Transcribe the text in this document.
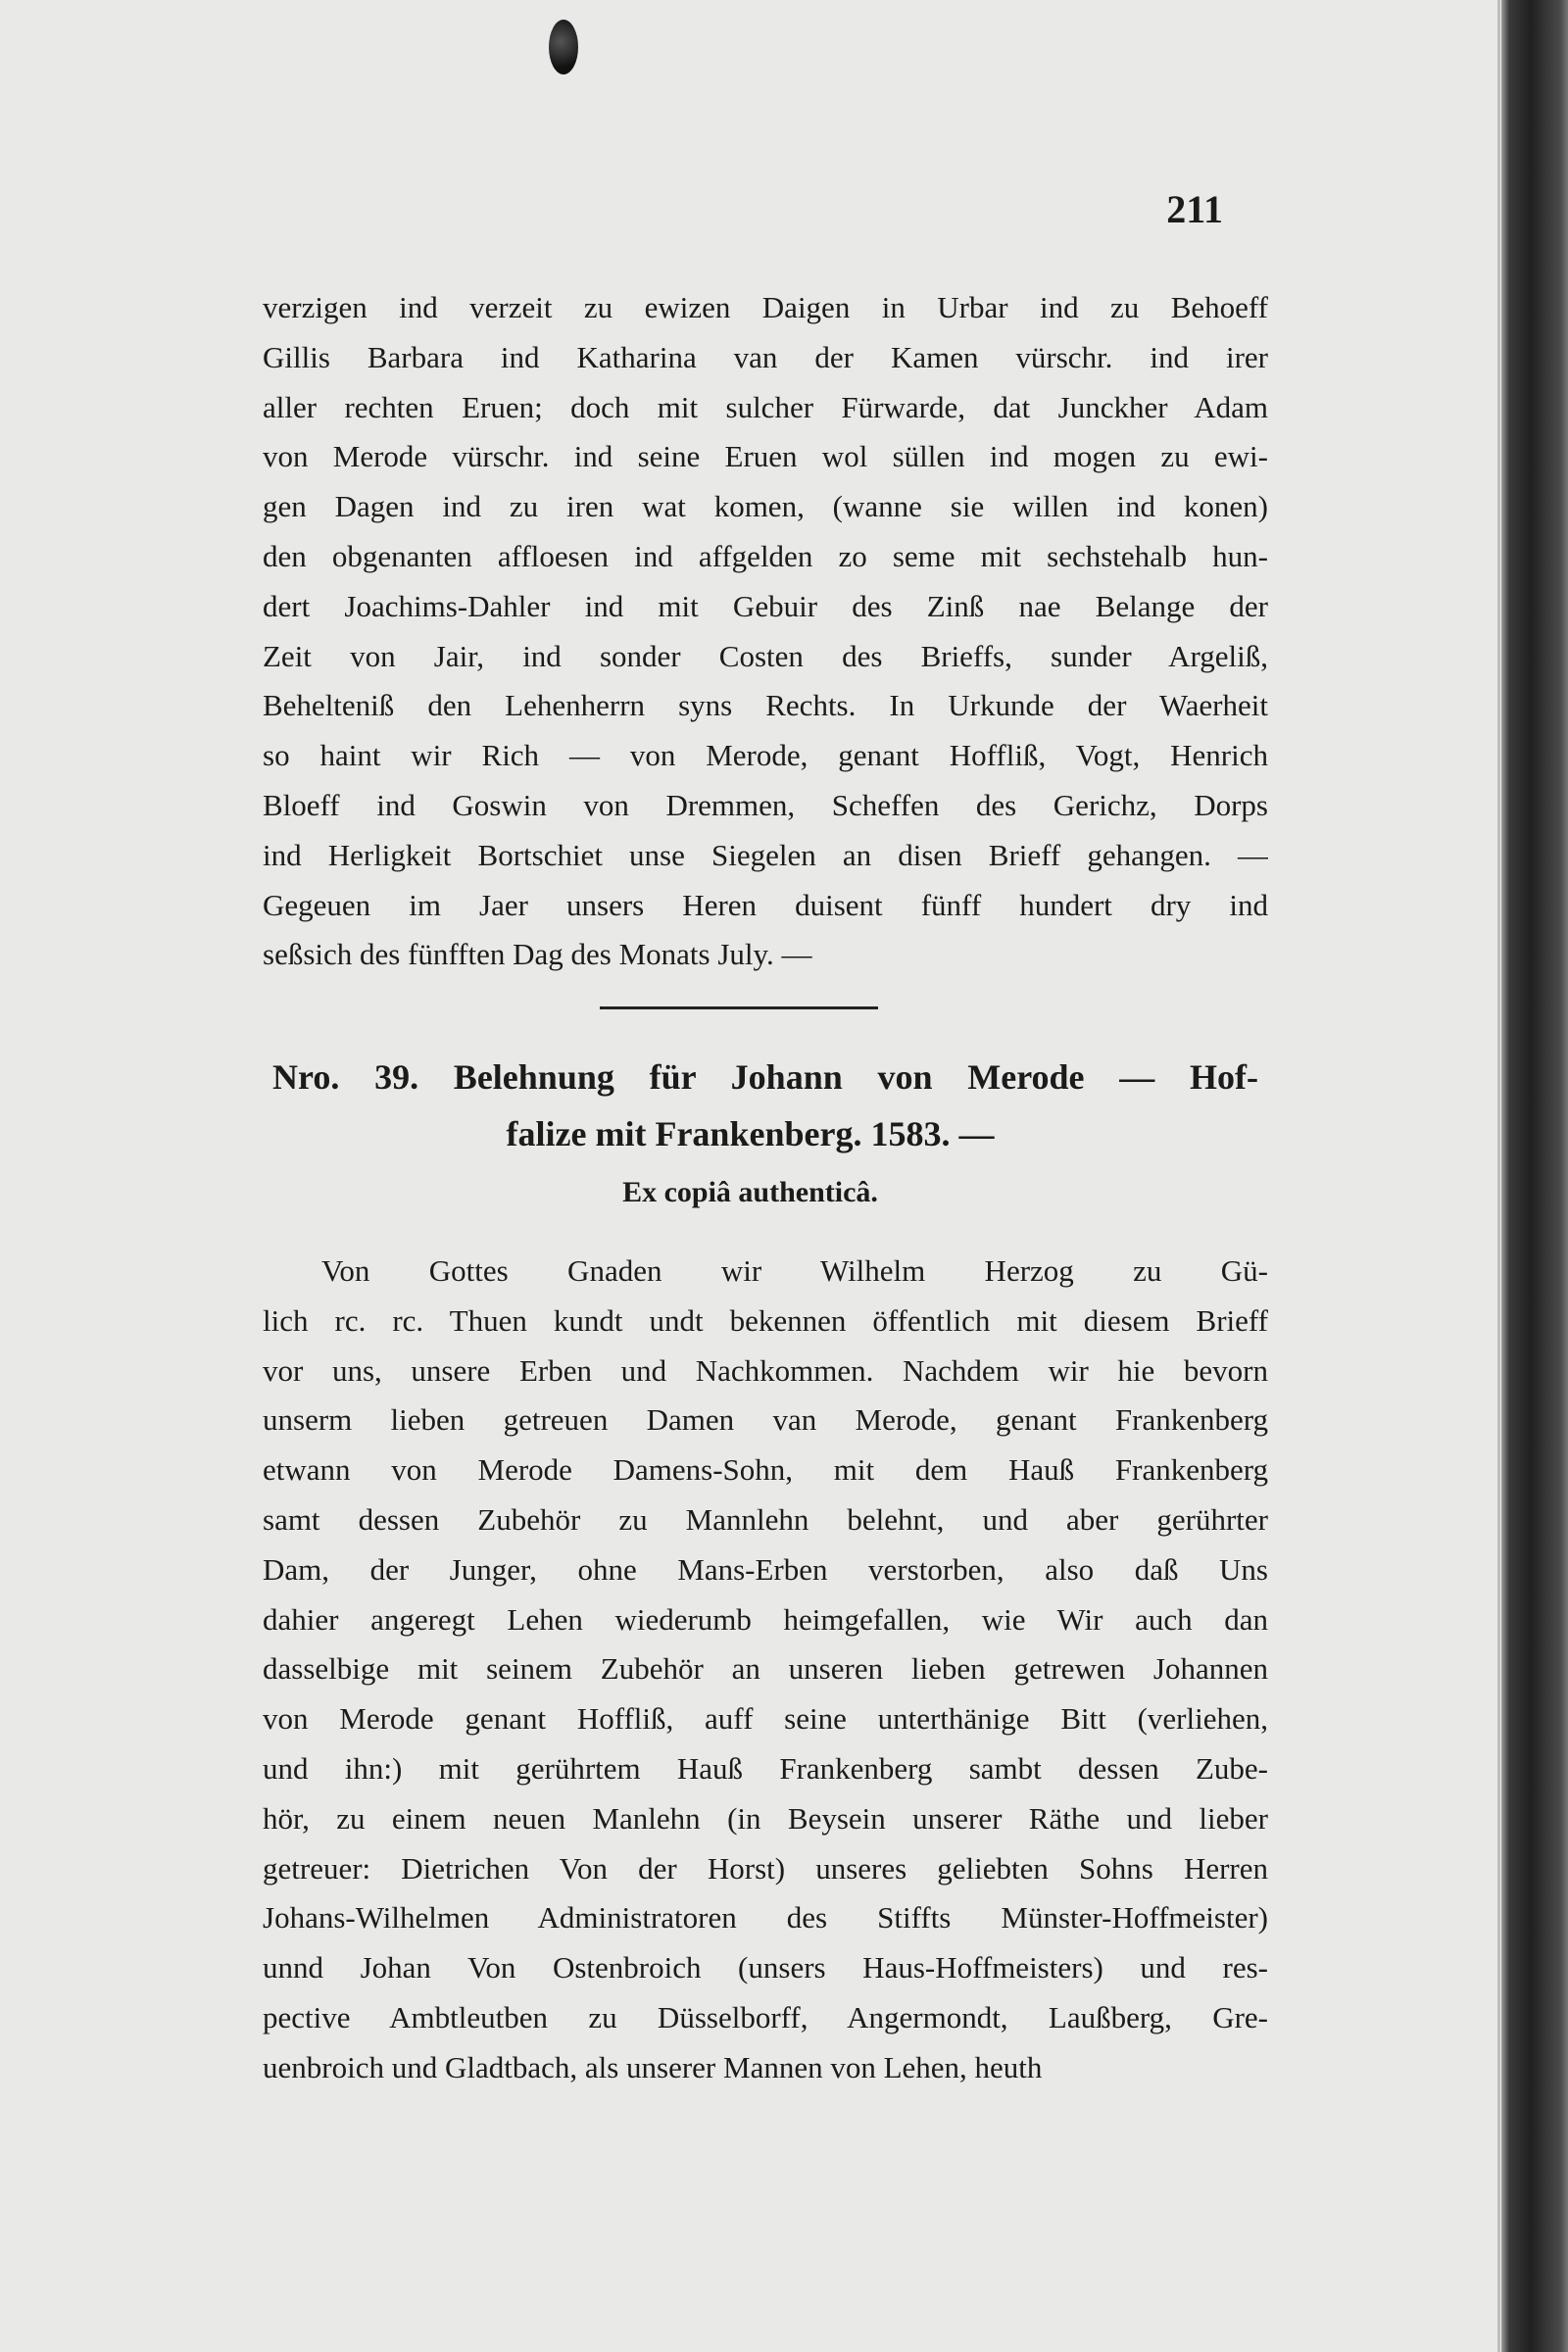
211
verzigen ind verzeit zu ewizen Daigen in Urbar ind zu Behoeff
Gillis Barbara ind Katharina van der Kamen vürschr. ind irer
aller rechten Eruen; doch mit sulcher Fürwarde, dat Junckher Adam
von Merode vürschr. ind seine Eruen wol süllen ind mogen zu ewi-
gen Dagen ind zu iren wat komen, (wanne sie willen ind konen)
den obgenanten affloesen ind affgelden zo seme mit sechstehalb hun-
dert Joachims-Dahler ind mit Gebuir des Zinß nae Belange der
Zeit von Jair, ind sonder Costen des Brieffs, sunder Argeliß,
Behelteniß den Lehenherrn syns Rechts. In Urkunde der Waerheit
so haint wir Rich — von Merode, genant Hoffliß, Vogt, Henrich
Bloeff ind Goswin von Dremmen, Scheffen des Gerichz, Dorps
ind Herligkeit Bortschiet unse Siegelen an disen Brieff gehangen. —
Gegeuen im Jaer unsers Heren duisent fünff hundert dry ind
seßsich des fünfften Dag des Monats July. —
Nro. 39. Belehnung für Johann von Merode — Hof-
falize mit Frankenberg. 1583. —
Ex copiâ authenticâ.
Von Gottes Gnaden wir Wilhelm Herzog zu Gü-
lich rc. rc. Thuen kundt undt bekennen öffentlich mit diesem Brieff
vor uns, unsere Erben und Nachkommen. Nachdem wir hie bevorn
unserm lieben getreuen Damen van Merode, genant Frankenberg
etwann von Merode Damens-Sohn, mit dem Hauß Frankenberg
samt dessen Zubehör zu Mannlehn belehnt, und aber gerührter
Dam, der Junger, ohne Mans-Erben verstorben, also daß Uns
dahier angeregt Lehen wiederumb heimgefallen, wie Wir auch dan
dasselbige mit seinem Zubehör an unseren lieben getrewen Johannen
von Merode genant Hoffliß, auff seine unterthänige Bitt (verliehen,
und ihn:) mit gerührtem Hauß Frankenberg sambt dessen Zube-
hör, zu einem neuen Manlehn (in Beysein unserer Räthe und lieber
getreuer: Dietrichen Von der Horst) unseres geliebten Sohns Herren
Johans-Wilhelmen Administratoren des Stiffts Münster-Hoffmeister)
unnd Johan Von Ostenbroich (unsers Haus-Hoffmeisters) und res-
pective Ambtleutben zu Düsselborff, Angermondt, Laußberg, Gre-
uenbroich und Gladtbach, als unserer Mannen von Lehen, heuth
